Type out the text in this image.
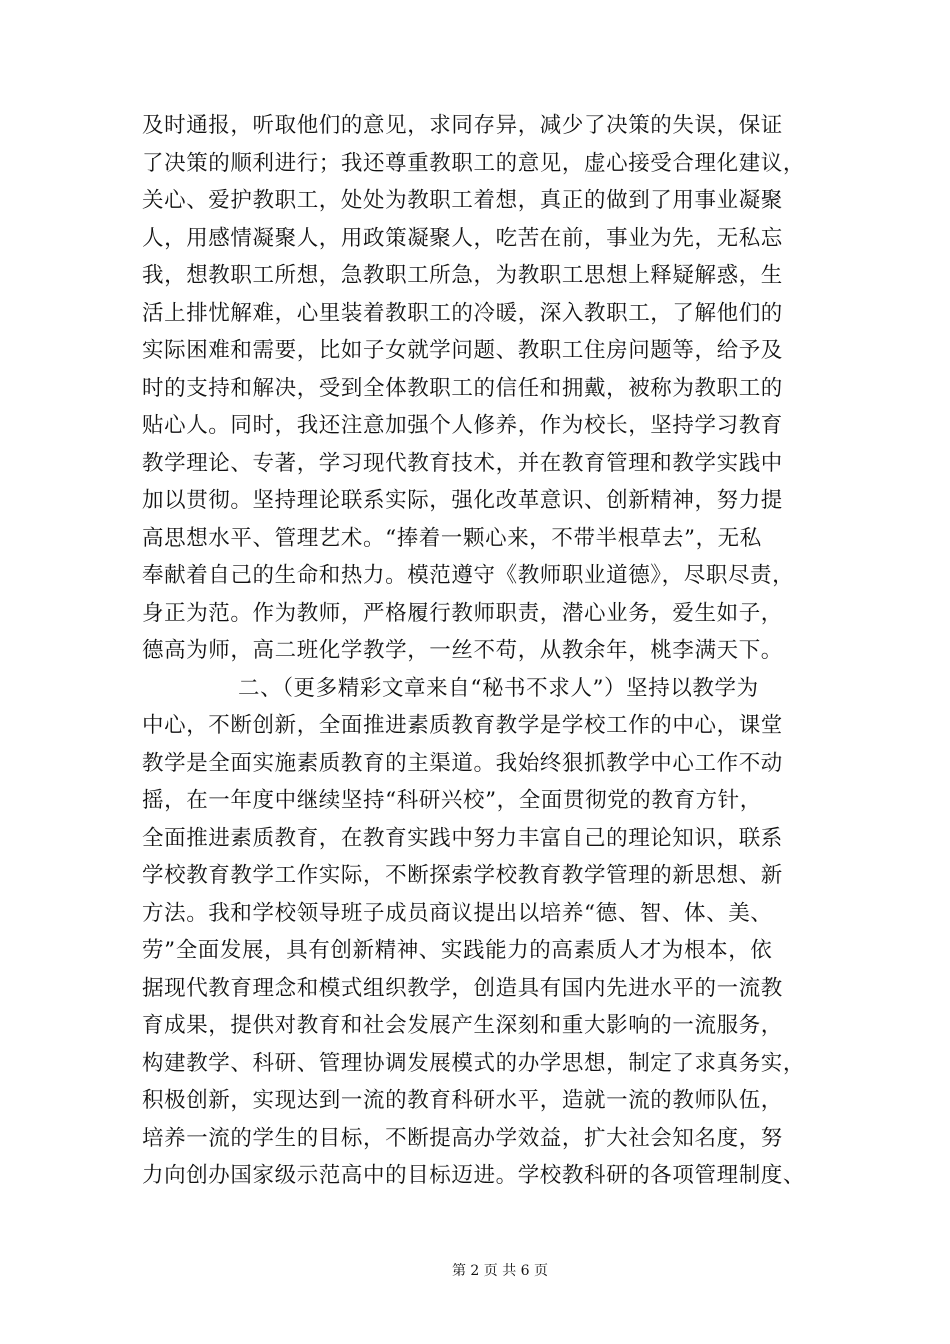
及时通报，听取他们的意见，求同存异，减少了决策的失误，保证
了决策的顺利进行；我还尊重教职工的意见，虚心接受合理化建议，
关心、爱护教职工，处处为教职工着想，真正的做到了用事业凝聚
人，用感情凝聚人，用政策凝聚人，吃苦在前，事业为先，无私忘
我，想教职工所想，急教职工所急，为教职工思想上释疑解惑，生
活上排忧解难，心里装着教职工的冷暖，深入教职工，了解他们的
实际困难和需要，比如子女就学问题、教职工住房问题等，给予及
时的支持和解决，受到全体教职工的信任和拥戴，被称为教职工的
贴心人。同时，我还注意加强个人修养，作为校长，坚持学习教育
教学理论、专著，学习现代教育技术，并在教育管理和教学实践中
加以贯彻。坚持理论联系实际，强化改革意识、创新精神，努力提
高思想水平、管理艺术。“捧着一颗心来，不带半根草去”，无私
奉献着自己的生命和热力。模范遵守《教师职业道德》，尽职尽责，
身正为范。作为教师，严格履行教师职责，潜心业务，爱生如子，
德高为师，高二班化学教学，一丝不苟，从教余年，桃李满天下。
二、（更多精彩文章来自“秘书不求人”）坚持以教学为
中心，不断创新，全面推进素质教育教学是学校工作的中心，课堂
教学是全面实施素质教育的主渠道。我始终狠抓教学中心工作不动
摇，在一年度中继续坚持“科研兴校”，全面贯彻党的教育方针，
全面推进素质教育，在教育实践中努力丰富自己的理论知识，联系
学校教育教学工作实际，不断探索学校教育教学管理的新思想、新
方法。我和学校领导班子成员商议提出以培养“德、智、体、美、
劳”全面发展，具有创新精神、实践能力的高素质人才为根本，依
据现代教育理念和模式组织教学，创造具有国内先进水平的一流教
育成果，提供对教育和社会发展产生深刻和重大影响的一流服务，
构建教学、科研、管理协调发展模式的办学思想，制定了求真务实，
积极创新，实现达到一流的教育科研水平，造就一流的教师队伍，
培养一流的学生的目标，不断提高办学效益，扩大社会知名度，努
力向创办国家级示范高中的目标迈进。学校教科研的各项管理制度、
第 2 页 共 6 页
